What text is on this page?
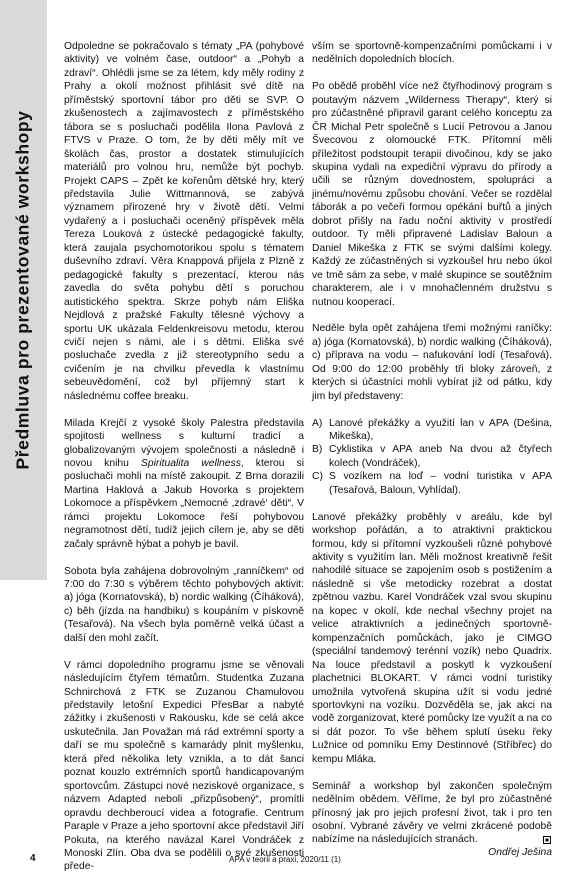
Předmluva pro prezentované workshopy

Odpoledne se pokračovalo s tématy „PA (pohybové aktivity) ve volném čase, outdoor“ a „Pohyb a zdraví“. Ohlédli jsme se za létem, kdy měly rodiny z Prahy a okolí možnost přihlásit své dítě na příměstský sportovní tábor pro děti se SVP. O zkušenostech a zajímavostech z příměstského tábora se s posluchači podělila Ilona Pavlová z FTVS v Praze. O tom, že by děti měly mít ve školách čas, prostor a dostatek stimulujících materiálů pro volnou hru, nemůže být pochyb. Projekt CAPS – Zpět ke kořenům dětské hry, který představila Julie Wittmannová, se zabývá významem přirozené hry v životě dětí. Velmi vydařený a i posluchači oceněný příspěvek měla Tereza Louková z ústecké pedagogické fakulty, která zaujala psychomotorikou spolu s tématem duševního zdraví. Věra Knappová přijela z Plzně z pedagogické fakulty s prezentací, kterou nás zavedla do světa pohybu dětí s poruchou autistického spektra. Skrze pohyb nám Eliška Nejdlová z pražské Fakulty tělesné výchovy a sportu UK ukázala Feldenkreisovu metodu, kterou cvičí nejen s námi, ale i s dětmi. Eliška své posluchače zvedla z již stereotypního sedu a cvičením je na chvilku převedla k vlastnímu sebeuvědomění, což byl příjemný start k následnému coffee breaku.

Milada Krejčí z vysoké školy Palestra představila spojitosti wellness s kulturní tradicí a globalizovaným vývojem společnosti a následně i novou knihu Spiritualita wellness, kterou si posluchači mohli na místě zakoupit. Z Brna dorazili Martina Haklová a Jakub Hovorka s projektem Lokomoce a příspěvkem „Nemocné ,zdravé‘ děti“. V rámci projektu Lokomoce řeší pohybovou negramotnost dětí, tudíž jejich cílem je, aby se děti začaly správně hýbat a pohyb je bavil.

Sobota byla zahájena dobrovolným „ranníčkem“ od 7:00 do 7:30 s výběrem těchto pohybových aktivit: a) jóga (Kornatovská), b) nordic walking (Číháková), c) běh (jízda na handbiku) s koupáním v pískovně (Tesařová). Na všech byla poměrně velká účast a další den mohl začít.

V rámci dopoledního programu jsme se věnovali následujícím čtyřem tématům. Studentka Zuzana Schnirchová z FTK se Zuzanou Chamulovou představily letošní Expedici PřesBar a nabyté zážitky i zkušenosti v Rakousku, kde se celá akce uskutečnila. Jan Považan má rád extrémní sporty a daří se mu společně s kamarády plnit myšlenku, která před několika lety vznikla, a to dát šanci poznat kouzlo extrémních sportů handicapovaným sportovcům. Zástupci nové neziskové organizace, s názvem Adapted neboli „přizpůsobený“, promítli opravdu dechberoucí videa a fotografie. Centrum Paraple v Praze a jeho sportovní akce představil Jiří Pokuta, na kterého navázal Karel Vondráček z Monoski Zlín. Oba dva se podělili o své zkušenosti přede-

vším se sportovně-kompenzačními pomůckami i v nedělních dopoledních blocích.

Po obědě proběhl více než čtyřhodinový program s poutavým názvem „Wilderness Therapy“, který si pro zúčastněné připravil garant celého konceptu za ČR Michal Petr společně s Lucií Petrovou a Janou Švecovou z olomoucké FTK. Přítomní měli příležitost podstoupit terapii divočinou, kdy se jako skupina vydali na expediční výpravu do přírody a učili se různým dovednostem, spolupráci a jinému/novému způsobu chování. Večer se rozdělal táborák a po večeři formou opékání buřtů a jiných dobrot přišly na řadu noční aktivity v prostředí outdoor. Ty měli připravené Ladislav Baloun a Daniel Mikeška z FTK se svými dalšími kolegy. Každý ze zúčastněných si vyzkoušel hru nebo úkol ve tmě sám za sebe, v malé skupince se soutěžním charakterem, ale i v mnohačlenném družstvu s nutnou kooperací.

Neděle byla opět zahájena třemi možnými raníčky: a) jóga (Kornatovská), b) nordic walking (Číháková), c) příprava na vodu – nafukování lodí (Tesařová). Od 9:00 do 12:00 proběhly tři bloky zároveň, z kterých si účastníci mohli vybírat již od pátku, kdy jim byl představeny:

A) Lanové překážky a využití lan v APA (Dešina, Mikeška),
B) Cyklistika v APA aneb Na dvou až čtyřech kolech (Vondráček),
C) S vozíkem na loď – vodní turistika v APA (Tesařová, Baloun, Vyhlídal).

Lanové překážky proběhly v areálu, kde byl workshop pořádán, a to atraktivní praktickou formou, kdy si přítomní vyzkoušeli různé pohybové aktivity s využitím lan. Měli možnost kreativně řešit nahodilé situace se zapojením osob s postižením a následně si vše metodicky rozebrat a dostat zpětnou vazbu. Karel Vondráček vzal svou skupinu na kopec v okolí, kde nechal všechny projet na velice atraktivních a jedinečných sportovně-kompenzačních pomůckách, jako je CIMGO (speciální tandemový terénní vozík) nebo Quadrix. Na louce představil a poskytl k vyzkoušení plachetnici BLOKART. V rámci vodní turistiky umožnila vytvořená skupina užít si vodu jedné sportovkyni na vozíku. Dozvěděla se, jak akci na vodě zorganizovat, které pomůcky lze využít a na co si dát pozor. To vše během splutí úseku řeky Lužnice od pomníku Emy Destinnové (Stříbřec) do kempu Mláka.

Seminář a workshop byl zakončen společným nedělním obědem. Věříme, že byl pro zúčastněné přínosný jak pro jejich profesní život, tak i pro ten osobní. Vybrané závěry ve velmi zkrácené podobě nabízíme na následujících stranách.

Ondřej Ješina
4	APA v teorii a praxi, 2020/11 (1)
